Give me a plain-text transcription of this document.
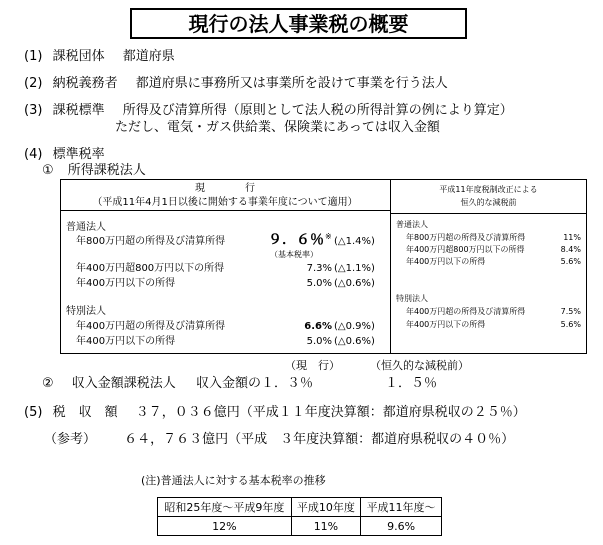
現行の法人事業税の概要
(1) 課税団体 都道府県
(2) 納税義務者 都道府県に事務所又は事業所を設けて事業を行う法人
(3) 課税標準 所得及び清算所得（原則として法人税の所得計算の例により算定）
ただし、電気・ガス供給業、保険業にあっては収入金額
(4) 標準税率
① 所得課税法人
現　　　　行
（平成11年4月1日以後に開始する事業年度について適用）
平成11年度税制改正による
恒久的な減税前
普通法人
年800万円超の所得及び清算所得	９．６％ ※ (△1.4%)
（基本税率）
年400万円超800万円以下の所得	7.3% (△1.1%)
年400万円以下の所得	5.0% (△0.6%)
特別法人
年400万円超の所得及び清算所得	6.6% (△0.9%)
年400万円以下の所得	5.0% (△0.6%)
普通法人
年800万円超の所得及び清算所得	11%
年400万円超800万円以下の所得	8.4%
年400万円以下の所得	5.6%
特別法人
年400万円超の所得及び清算所得	7.5%
年400万円以下の所得	5.6%
（現　行）	（恒久的な減税前）
② 収入金額課税法人 収入金額の１．３％	１．５％
(5) 税　収　額 ３７，０３６億円（平成１１年度決算額：都道府県税収の２５％）
（参考） ６４，７６３億円（平成　３年度決算額：都道府県税収の４０％）
(注)普通法人に対する基本税率の推移
昭和25年度～平成9年度	平成10年度	平成11年度～
12%	11%	9.6%
